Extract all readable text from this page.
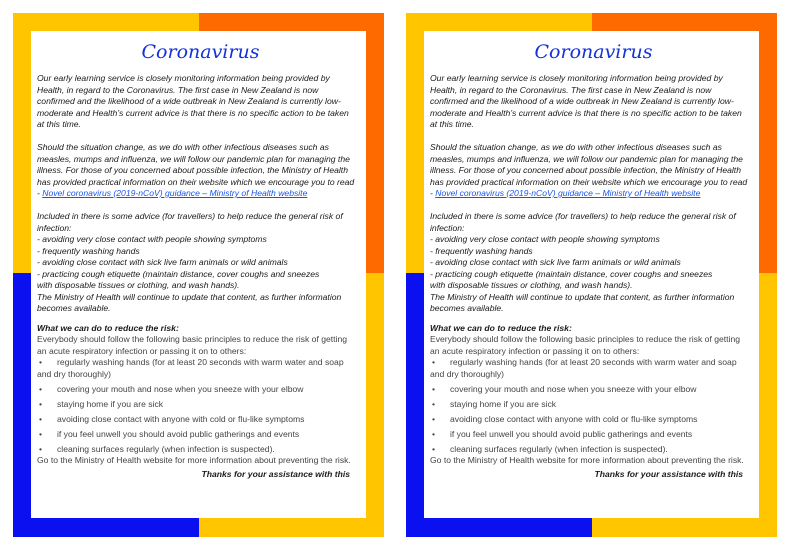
Coronavirus

Our early learning service is closely monitoring information being provided by

Health, in regard to the Coronavirus. The first case in New Zealand is now

confirmed and the likelihood of a wide outbreak in New Zealand is currently low-

moderate and Health’s current advice is that there is no specific action to be taken

at this time.

Should the situation change, as we do with other infectious diseases such as

measles, mumps and influenza, we will follow our pandemic plan for managing the

illness. For those of you concerned about possible infection, the Ministry of Health

has provided practical information on their website which we encourage you to read

- Novel coronavirus (2019-nCoV) guidance – Ministry of Health website

Included in there is some advice (for travellers) to help reduce the general risk of

infection:

- avoiding very close contact with people showing symptoms

- frequently washing hands

- avoiding close contact with sick live farm animals or wild animals

- practicing cough etiquette (maintain distance, cover coughs and sneezes

with disposable tissues or clothing, and wash hands).

The Ministry of Health will continue to update that content, as further information

becomes available.

What we can do to reduce the risk:

Everybody should follow the following basic principles to reduce the risk of getting

an acute respiratory infection or passing it on to others:

•	regularly washing hands (for at least 20 seconds with warm water and soap

and dry thoroughly)

•	covering your mouth and nose when you sneeze with your elbow
•	staying home if you are sick
•	avoiding close contact with anyone with cold or flu-like symptoms
•	if you feel unwell you should avoid public gatherings and events
•	cleaning surfaces regularly (when infection is suspected).

Go to the Ministry of Health website for more information about preventing the risk.

Thanks for your assistance with this

Coronavirus

Our early learning service is closely monitoring information being provided by

Health, in regard to the Coronavirus. The first case in New Zealand is now

confirmed and the likelihood of a wide outbreak in New Zealand is currently low-

moderate and Health’s current advice is that there is no specific action to be taken

at this time.

Should the situation change, as we do with other infectious diseases such as

measles, mumps and influenza, we will follow our pandemic plan for managing the

illness. For those of you concerned about possible infection, the Ministry of Health

has provided practical information on their website which we encourage you to read

- Novel coronavirus (2019-nCoV) guidance – Ministry of Health website

Included in there is some advice (for travellers) to help reduce the general risk of

infection:

- avoiding very close contact with people showing symptoms

- frequently washing hands

- avoiding close contact with sick live farm animals or wild animals

- practicing cough etiquette (maintain distance, cover coughs and sneezes

with disposable tissues or clothing, and wash hands).

The Ministry of Health will continue to update that content, as further information

becomes available.

What we can do to reduce the risk:

Everybody should follow the following basic principles to reduce the risk of getting

an acute respiratory infection or passing it on to others:

•	regularly washing hands (for at least 20 seconds with warm water and soap

and dry thoroughly)

•	covering your mouth and nose when you sneeze with your elbow
•	staying home if you are sick
•	avoiding close contact with anyone with cold or flu-like symptoms
•	if you feel unwell you should avoid public gatherings and events
•	cleaning surfaces regularly (when infection is suspected).

Go to the Ministry of Health website for more information about preventing the risk.

Thanks for your assistance with this
